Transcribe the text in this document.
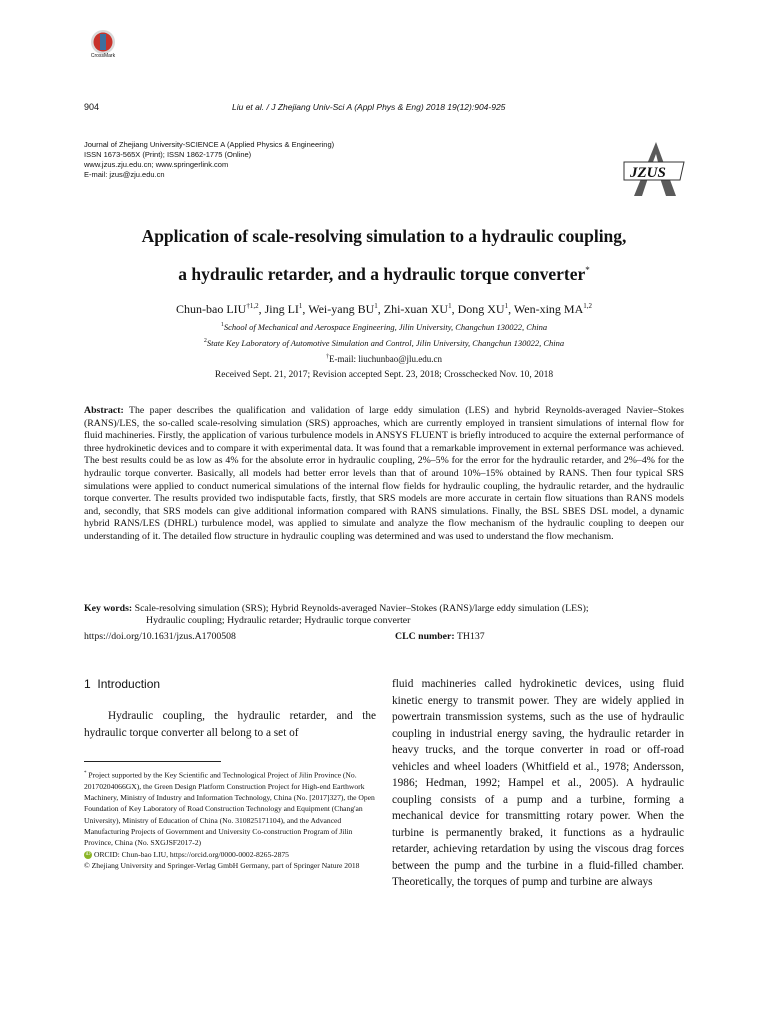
CrossMark
904	Liu et al. / J Zhejiang Univ-Sci A (Appl Phys & Eng) 2018 19(12):904-925
Journal of Zhejiang University-SCIENCE A (Applied Physics & Engineering)
ISSN 1673-565X (Print); ISSN 1862-1775 (Online)
www.jzus.zju.edu.cn; www.springerlink.com
E-mail: jzus@zju.edu.cn	JZUS
Application of scale-resolving simulation to a hydraulic coupling,
a hydraulic retarder, and a hydraulic torque converter*
Chun-bao LIU$^{\dagger 1,2}$, Jing $LI^1$, Wei-yang $BU^1$, Zhi-xuan $XU^1$, Dong $XU^1$, Wen-xing MA$^{1,2}$
$^1$School of Mechanical and Aerospace Engineering, Jilin University, Changchun 130022, China
$^2$State Key Laboratory of Automotive Simulation and Control, Jilin University, Changchun 130022, China
†E-mail: liuchunbao@jlu.edu.cn
Received Sept. 21, 2017; Revision accepted Sept. 23, 2018; Crosschecked Nov. 10, 2018
Abstract: The paper describes the qualification and validation of large eddy simulation (LES) and hybrid Reynolds-averaged Navier–Stokes (RANS)/LES, the so-called scale-resolving simulation (SRS) approaches, which are currently employed in transient simulations of internal flow for fluid machineries. Firstly, the application of various turbulence models in ANSYS FLUENT is briefly introduced to acquire the external performance of three hydrokinetic devices and to compare it with experimental data. It was found that a remarkable improvement in external performance was achieved. The best results could be as low as 4% for the absolute error in hydraulic coupling, 2%–5% for the error for the hydraulic retarder, and 2%–4% for the hydraulic torque converter. Basically, all models had better error levels than that of around 10%–15% obtained by RANS. Then four typical SRS simulations were applied to conduct numerical simulations of the internal flow fields for hydraulic coupling, the hydraulic retarder, and the hydraulic torque converter. The results provided two indisputable facts, firstly, that SRS models are more accurate in certain flow situations than RANS models and, secondly, that SRS models can give additional information compared with RANS simulations. Finally, the BSL SBES DSL model, a dynamic hybrid RANS/LES (DHRL) turbulence model, was applied to simulate and analyze the flow mechanism of the hydraulic coupling to deepen our understanding of it. The detailed flow structure in hydraulic coupling was determined and was used to understand the flow mechanism.
Key words: Scale-resolving simulation (SRS); Hybrid Reynolds-averaged Navier–Stokes (RANS)/large eddy simulation (LES);
Hydraulic coupling; Hydraulic retarder; Hydraulic torque converter
https://doi.org/10.1631/jzus.A1700508	CLC number: TH137
1 Introduction
Hydraulic coupling, the hydraulic retarder, and the hydraulic torque converter all belong to a set of
* Project supported by the Key Scientific and Technological Project of Jilin Province (No. 20170204066GX), the Green Design Platform Construction Project for High-end Earthwork Machinery, Ministry of Industry and Information Technology, China (No. [2017]327), the Open Foundation of Key Laboratory of Road Construction Technology and Equipment (Chang'an University), Ministry of Education of China (No. 310825171104), and the Advanced Manufacturing Projects of Government and University Co-construction Program of Jilin Province, China (No. SXGJSF2017-2)
iD ORCID: Chun-bao LIU, https://orcid.org/0000-0002-8265-2875
© Zhejiang University and Springer-Verlag GmbH Germany, part of Springer Nature 2018
fluid machineries called hydrokinetic devices, using fluid kinetic energy to transmit power. They are widely applied in powertrain transmission systems, such as the use of hydraulic coupling in industrial energy saving, the hydraulic retarder in heavy trucks, and the torque converter in road or off-road vehicles and wheel loaders (Whitfield et al., 1978; Andersson, 1986; Hedman, 1992; Hampel et al., 2005). A hydraulic coupling consists of a pump and a turbine, forming a mechanical device for transmitting rotary power. When the turbine is permanently braked, it functions as a hydraulic retarder, achieving retardation by using the viscous drag forces between the pump and the turbine in a fluid-filled chamber. Theoretically, the torques of pump and turbine are always
